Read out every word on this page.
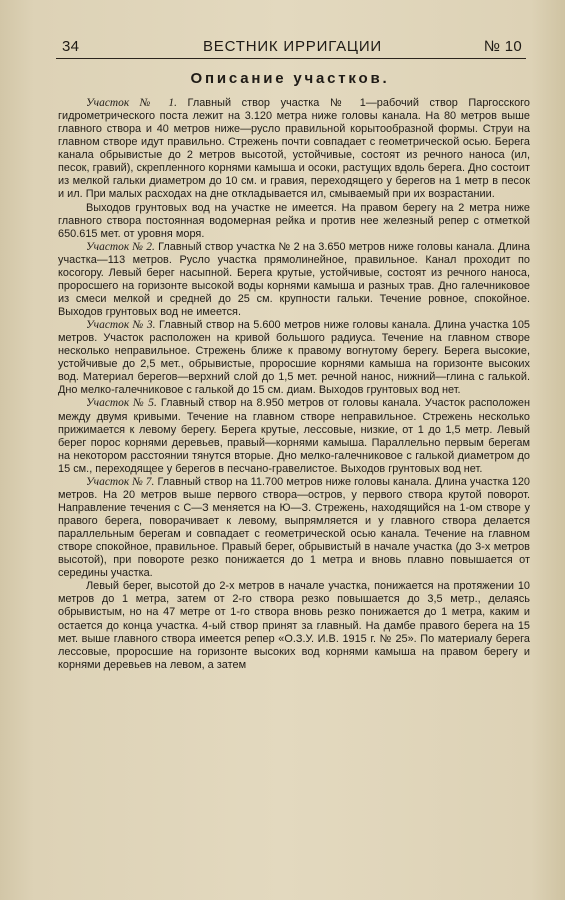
34	ВЕСТНИК ИРРИГАЦИИ	№ 10
Описание участков.

Участок № 1. Главный створ участка № 1—рабочий створ Паргосского гидрометрического поста лежит на 3.120 метра ниже головы канала. На 80 метров выше главного створа и 40 метров ниже—русло правильной корытообразной формы. Струи на главном створе идут правильно. Стрежень почти совпадает с геометрической осью. Берега канала обрывистые до 2 метров высотой, устойчивые, состоят из речного наноса (ил, песок, гравий), скрепленного корнями камыша и осоки, растущих вдоль берега. Дно состоит из мелкой гальки диаметром до 10 см. и гравия, переходящего у берегов на 1 метр в песок и ил. При малых расходах на дне откладывается ил, смываемый при их возрастании.

Выходов грунтовых вод на участке не имеется. На правом берегу на 2 метра ниже главного створа постоянная водомерная рейка и против нее железный репер с отметкой 650.615 мет. от уровня моря.

Участок № 2. Главный створ участка № 2 на 3.650 метров ниже головы канала. Длина участка—113 метров. Русло участка прямолинейное, правильное. Канал проходит по косогору. Левый берег насыпной. Берега крутые, устойчивые, состоят из речного наноса, проросшего на горизонте высокой воды корнями камыша и разных трав. Дно галечниковое из смеси мелкой и средней до 25 см. крупности гальки. Течение ровное, спокойное. Выходов грунтовых вод не имеется.

Участок № 3. Главный створ на 5.600 метров ниже головы канала. Длина участка 105 метров. Участок расположен на кривой большого радиуса. Течение на главном створе несколько неправильное. Стрежень ближе к правому вогнутому берегу. Берега высокие, устойчивые до 2,5 мет., обрывистые, проросшие корнями камыша на горизонте высоких вод. Материал берегов—верхний слой до 1,5 мет. речной нанос, нижний—глина с галькой. Дно мелко-галечниковое с галькой до 15 см. диам. Выходов грунтовых вод нет.

Участок № 5. Главный створ на 8.950 метров от головы канала. Участок расположен между двумя кривыми. Течение на главном створе неправильное. Стрежень несколько прижимается к левому берегу. Берега крутые, лессовые, низкие, от 1 до 1,5 метр. Левый берег порос корнями деревьев, правый—корнями камыша. Параллельно первым берегам на некотором расстоянии тянутся вторые. Дно мелко-галечниковое с галькой диаметром до 15 см., переходящее у берегов в песчано-гравелистое. Выходов грунтовых вод нет.

Участок № 7. Главный створ на 11.700 метров ниже головы канала. Длина участка 120 метров. На 20 метров выше первого створа—остров, у первого створа крутой поворот. Направление течения с С—З меняется на Ю—З. Стрежень, находящийся на 1-ом створе у правого берега, поворачивает к левому, выпрямляется и у главного створа делается параллельным берегам и совпадает с геометрической осью канала. Течение на главном створе спокойное, правильное. Правый берег, обрывистый в начале участка (до 3-х метров высотой), при повороте резко понижается до 1 метра и вновь плавно повышается от середины участка.

Левый берег, высотой до 2-х метров в начале участка, понижается на протяжении 10 метров до 1 метра, затем от 2-го створа резко повышается до 3,5 метр., делаясь обрывистым, но на 47 метре от 1-го створа вновь резко понижается до 1 метра, каким и остается до конца участка. 4-ый створ принят за главный. На дамбе правого берега на 15 мет. выше главного створа имеется репер «О.З.У. И.В. 1915 г. № 25». По материалу берега лессовые, проросшие на горизонте высоких вод корнями камыша на правом берегу и корнями деревьев на левом, а затем
